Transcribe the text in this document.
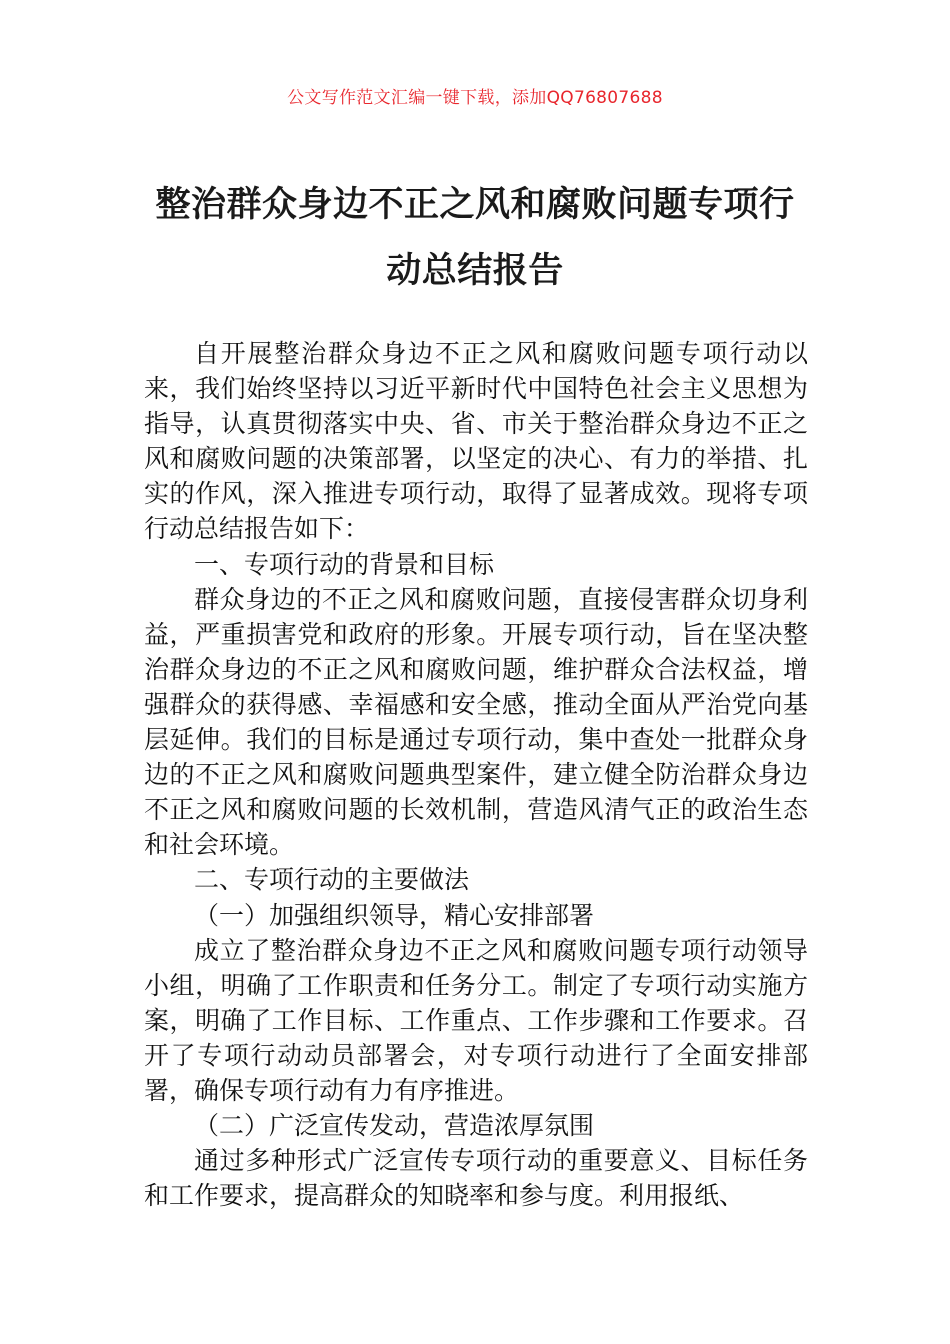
公文写作范文汇编一键下载，添加QQ76807688
整治群众身边不正之风和腐败问题专项行
动总结报告

自开展整治群众身边不正之风和腐败问题专项行动以来，我们始终坚持以习近平新时代中国特色社会主义思想为指导，认真贯彻落实中央、省、市关于整治群众身边不正之风和腐败问题的决策部署，以坚定的决心、有力的举措、扎实的作风，深入推进专项行动，取得了显著成效。现将专项行动总结报告如下：

一、专项行动的背景和目标

群众身边的不正之风和腐败问题，直接侵害群众切身利益，严重损害党和政府的形象。开展专项行动，旨在坚决整治群众身边的不正之风和腐败问题，维护群众合法权益，增强群众的获得感、幸福感和安全感，推动全面从严治党向基层延伸。我们的目标是通过专项行动，集中查处一批群众身边的不正之风和腐败问题典型案件，建立健全防治群众身边不正之风和腐败问题的长效机制，营造风清气正的政治生态和社会环境。

二、专项行动的主要做法

（一）加强组织领导，精心安排部署

成立了整治群众身边不正之风和腐败问题专项行动领导小组，明确了工作职责和任务分工。制定了专项行动实施方案，明确了工作目标、工作重点、工作步骤和工作要求。召开了专项行动动员部署会，对专项行动进行了全面安排部署，确保专项行动有力有序推进。

（二）广泛宣传发动，营造浓厚氛围

通过多种形式广泛宣传专项行动的重要意义、目标任务和工作要求，提高群众的知晓率和参与度。利用报纸、
